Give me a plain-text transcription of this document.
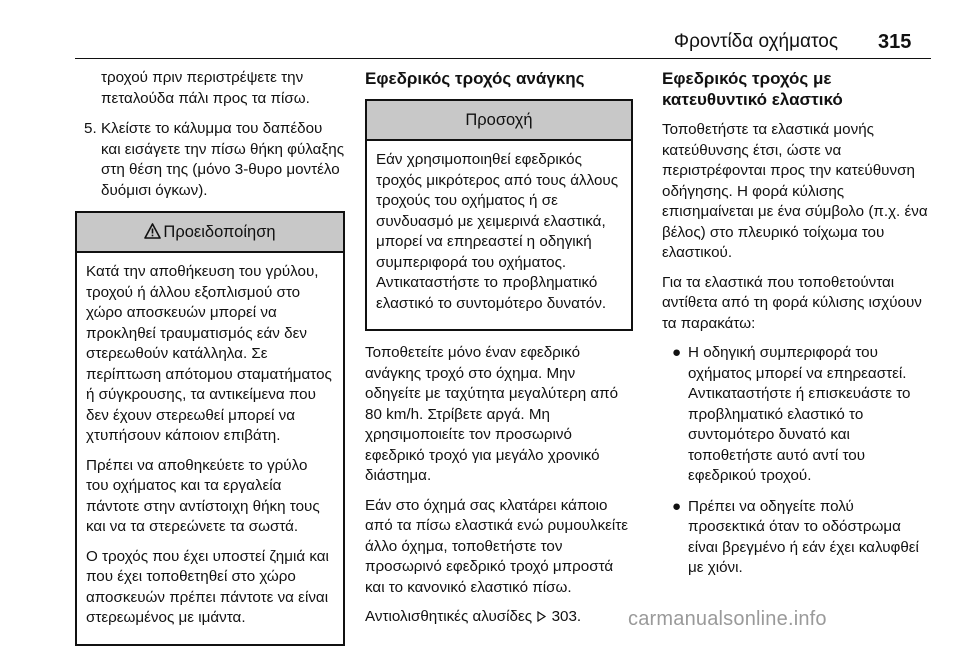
Φροντίδα οχήματος 315
τροχού πριν περιστρέψετε την πεταλούδα πάλι προς τα πίσω.
5. Κλείστε το κάλυμμα του δαπέδου και εισάγετε την πίσω θήκη φύλαξης στη θέση της (μόνο 3-θυρο μοντέλο δυόμισι όγκων).
Προειδοποίηση

Κατά την αποθήκευση του γρύλου, τροχού ή άλλου εξοπλισμού στο χώρο αποσκευών μπορεί να προκληθεί τραυματισμός εάν δεν στερεωθούν κατάλληλα. Σε περίπτωση απότομου σταματήματος ή σύγκρουσης, τα αντικείμενα που δεν έχουν στερεωθεί μπορεί να χτυπήσουν κάποιον επιβάτη.

Πρέπει να αποθηκεύετε το γρύλο του οχήματος και τα εργαλεία πάντοτε στην αντίστοιχη θήκη τους και να τα στερεώνετε τα σωστά.

Ο τροχός που έχει υποστεί ζημιά και που έχει τοποθετηθεί στο χώρο αποσκευών πρέπει πάντοτε να είναι στερεωμένος με ιμάντα.

Εφεδρικός τροχός ανάγκης
Προσοχή

Εάν χρησιμοποιηθεί εφεδρικός τροχός μικρότερος από τους άλλους τροχούς του οχήματος ή σε συνδυασμό με χειμερινά ελαστικά, μπορεί να επηρεαστεί η οδηγική συμπεριφορά του οχήματος. Αντικαταστήστε το προβληματικό ελαστικό το συντομότερο δυνατόν.

Τοποθετείτε μόνο έναν εφεδρικό ανάγκης τροχό στο όχημα. Μην οδηγείτε με ταχύτητα μεγαλύτερη από 80 km/h. Στρίβετε αργά. Μη χρησιμοποιείτε τον προσωρινό εφεδρικό τροχό για μεγάλο χρονικό διάστημα.

Εάν στο όχημά σας κλατάρει κάποιο από τα πίσω ελαστικά ενώ ρυμουλκείτε άλλο όχημα, τοποθετήστε τον προσωρινό εφεδρικό τροχό μπροστά και το κανονικό ελαστικό πίσω.

Αντιολισθητικές αλυσίδες  303.

Εφεδρικός τροχός με κατευθυντικό ελαστικό

Τοποθετήστε τα ελαστικά μονής κατεύθυνσης έτσι, ώστε να περιστρέφονται προς την κατεύθυνση οδήγησης. Η φορά κύλισης επισημαίνεται με ένα σύμβολο (π.χ. ένα βέλος) στο πλευρικό τοίχωμα του ελαστικού.

Για τα ελαστικά που τοποθετούνται αντίθετα από τη φορά κύλισης ισχύουν τα παρακάτω:

● Η οδηγική συμπεριφορά του οχήματος μπορεί να επηρεαστεί. Αντικαταστήστε ή επισκευάστε το προβληματικό ελαστικό το συντομότερο δυνατό και τοποθετήστε αυτό αντί του εφεδρικού τροχού.
● Πρέπει να οδηγείτε πολύ προσεκτικά όταν το οδόστρωμα είναι βρεγμένο ή εάν έχει καλυφθεί με χιόνι.
carmanualsonline.info
